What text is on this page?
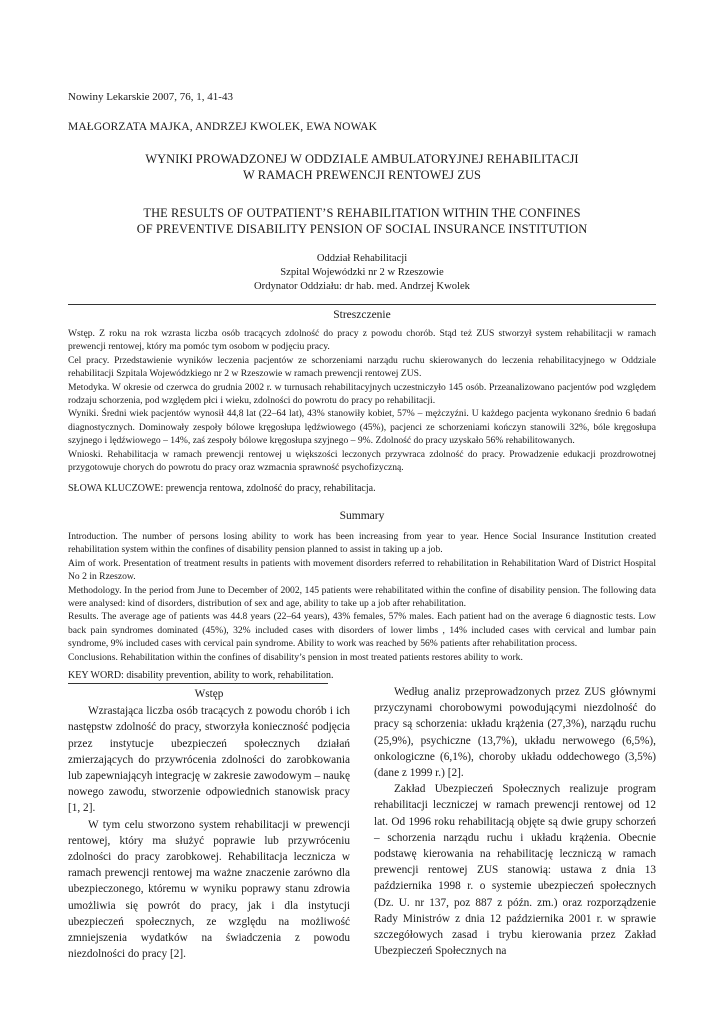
Nowiny Lekarskie 2007, 76, 1, 41-43
MAŁGORZATA MAJKA, ANDRZEJ KWOLEK, EWA NOWAK
WYNIKI PROWADZONEJ W ODDZIALE AMBULATORYJNEJ REHABILITACJI
W RAMACH PREWENCJI RENTOWEJ ZUS
THE RESULTS OF OUTPATIENT’S REHABILITATION WITHIN THE CONFINES
OF PREVENTIVE DISABILITY PENSION OF SOCIAL INSURANCE INSTITUTION
Oddział Rehabilitacji
Szpital Wojewódzki nr 2 w Rzeszowie
Ordynator Oddziału: dr hab. med. Andrzej Kwolek
Streszczenie

Wstęp. Z roku na rok wzrasta liczba osób tracących zdolność do pracy z powodu chorób. Stąd też ZUS stworzył system rehabilitacji w ramach prewencji rentowej, który ma pomóc tym osobom w podjęciu pracy.

Cel pracy. Przedstawienie wyników leczenia pacjentów ze schorzeniami narządu ruchu skierowanych do leczenia rehabilitacyjnego w Oddziale rehabilitacji Szpitala Wojewódzkiego nr 2 w Rzeszowie w ramach prewencji rentowej ZUS.

Metodyka. W okresie od czerwca do grudnia 2002 r. w turnusach rehabilitacyjnych uczestniczyło 145 osób. Przeanalizowano pacjentów pod względem rodzaju schorzenia, pod względem płci i wieku, zdolności do powrotu do pracy po rehabilitacji.

Wyniki. Średni wiek pacjentów wynosił 44,8 lat (22–64 lat), 43% stanowiły kobiet, 57% – mężczyźni. U każdego pacjenta wykonano średnio 6 badań diagnostycznych. Dominowały zespoły bólowe kręgosłupa lędźwiowego (45%), pacjenci ze schorzeniami kończyn stanowili 32%, bóle kręgosłupa szyjnego i lędźwiowego – 14%, zaś zespoły bólowe kręgosłupa szyjnego – 9%. Zdolność do pracy uzyskało 56% rehabilitowanych.

Wnioski. Rehabilitacja w ramach prewencji rentowej u większości leczonych przywraca zdolność do pracy. Prowadzenie edukacji prozdrowotnej przygotowuje chorych do powrotu do pracy oraz wzmacnia sprawność psychofizyczną.

SŁOWA KLUCZOWE: prewencja rentowa, zdolność do pracy, rehabilitacja.
Summary

Introduction. The number of persons losing ability to work has been increasing from year to year. Hence Social Insurance Institution created rehabilitation system within the confines of disability pension planned to assist in taking up a job.

Aim of work. Presentation of treatment results in patients with movement disorders referred to rehabilitation in Rehabilitation Ward of District Hospital No 2 in Rzeszow.

Methodology. In the period from June to December of 2002, 145 patients were rehabilitated within the confine of disability pension. The following data were analysed: kind of disorders, distribution of sex and age, ability to take up a job after rehabilitation.

Results. The average age of patients was 44.8 years (22–64 years), 43% females, 57% males. Each patient had on the average 6 diagnostic tests. Low back pain syndromes dominated (45%), 32% included cases with disorders of lower limbs , 14% included cases with cervical and lumbar pain syndrome, 9% included cases with cervical pain syndrome. Ability to work was reached by 56% patients after rehabilitation process.

Conclusions. Rehabilitation within the confines of disability’s pension in most treated patients restores ability to work.

KEY WORD: disability prevention, ability to work, rehabilitation.

Wstęp

Wzrastająca liczba osób tracących z powodu chorób i ich następstw zdolność do pracy, stworzyła konieczność podjęcia przez instytucje ubezpieczeń społecznych działań zmierzających do przywrócenia zdolności do zarobkowania lub zapewniającyh integrację w zakresie zawodowym – naukę nowego zawodu, stworzenie odpowiednich stanowisk pracy [1, 2].

W tym celu stworzono system rehabilitacji w prewencji rentowej, który ma służyć poprawie lub przywróceniu zdolności do pracy zarobkowej. Rehabilitacja lecznicza w ramach prewencji rentowej ma ważne znaczenie zarówno dla ubezpieczonego, któremu w wyniku poprawy stanu zdrowia umożliwia się powrót do pracy, jak i dla instytucji ubezpieczeń społecznych, ze względu na możliwość zmniejszenia wydatków na świadczenia z powodu niezdolności do pracy [2].

Według analiz przeprowadzonych przez ZUS głównymi przyczynami chorobowymi powodującymi niezdolność do pracy są schorzenia: układu krążenia (27,3%), narządu ruchu (25,9%), psychiczne (13,7%), układu nerwowego (6,5%), onkologiczne (6,1%), choroby układu oddechowego (3,5%) (dane z 1999 r.) [2].

Zakład Ubezpieczeń Społecznych realizuje program rehabilitacji leczniczej w ramach prewencji rentowej od 12 lat. Od 1996 roku rehabilitacją objęte są dwie grupy schorzeń – schorzenia narządu ruchu i układu krążenia. Obecnie podstawę kierowania na rehabilitację leczniczą w ramach prewencji rentowej ZUS stanowią: ustawa z dnia 13 października 1998 r. o systemie ubezpieczeń społecznych (Dz. U. nr 137, poz 887 z późn. zm.) oraz rozporządzenie Rady Ministrów z dnia 12 października 2001 r. w sprawie szczegółowych zasad i trybu kierowania przez Zakład Ubezpieczeń Społecznych na
